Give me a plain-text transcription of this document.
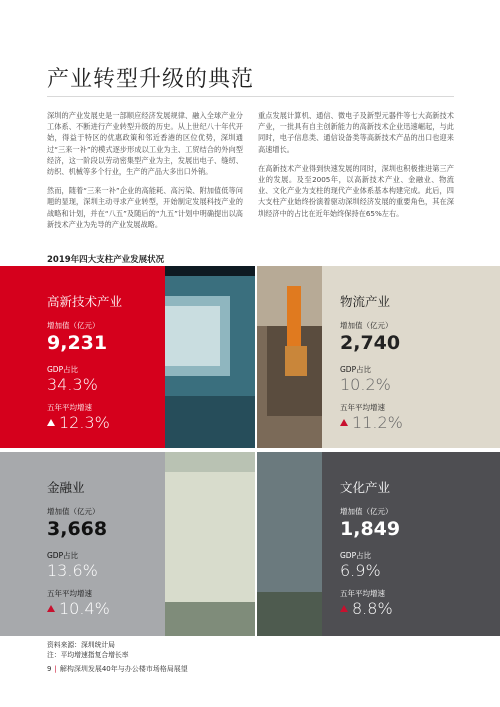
产业转型升级的典范

深圳的产业发展史是一部顺应经济发展规律、融入全球产业分工体系、不断进行产业转型升级的历史。从上世纪八十年代开始，得益于特区的优惠政策和邻近香港的区位优势，深圳通过“三来一补”的模式逐步形成以工业为主、工贸结合的外向型经济，这一阶段以劳动密集型产业为主，发展出电子、缝纫、纺织、机械等多个行业，生产的产品大多出口外销。

然而，随着“三来一补”企业的高能耗、高污染、附加值低等问题的显现，深圳主动寻求产业转型，开始制定发展科技产业的战略和计划，并在“八五”及随后的“九五”计划中明确提出以高新技术产业为先导的产业发展战略。

重点发展计算机、通信、微电子及新型元器件等七大高新技术产业，一批具有自主创新能力的高新技术企业迅速崛起，与此同时，电子信息类、通信设备类等高新技术产品的出口也迎来高速增长。

在高新技术产业得到快速发展的同时，深圳也积极推进第三产业的发展。及至2005年，以高新技术产业、金融业、物流业、文化产业为支柱的现代产业体系基本构建完成。此后，四大支柱产业始终扮演着驱动深圳经济发展的重要角色，其在深圳经济中的占比在近年始终保持在65%左右。

2019年四大支柱产业发展状况
高新技术产业
增加值（亿元）
9,231
GDP占比
34.3%
五年平均增速
12.3%
物流产业
增加值（亿元）
2,740
GDP占比
10.2%
五年平均增速
11.2%
金融业
增加值（亿元）
3,668
GDP占比
13.6%
五年平均增速
10.4%
文化产业
增加值（亿元）
1,849
GDP占比
6.9%
五年平均增速
8.8%
资料来源：深圳统计局
注：平均增速指复合增长率
9 | 解构深圳发展40年与办公楼市场格局展望
